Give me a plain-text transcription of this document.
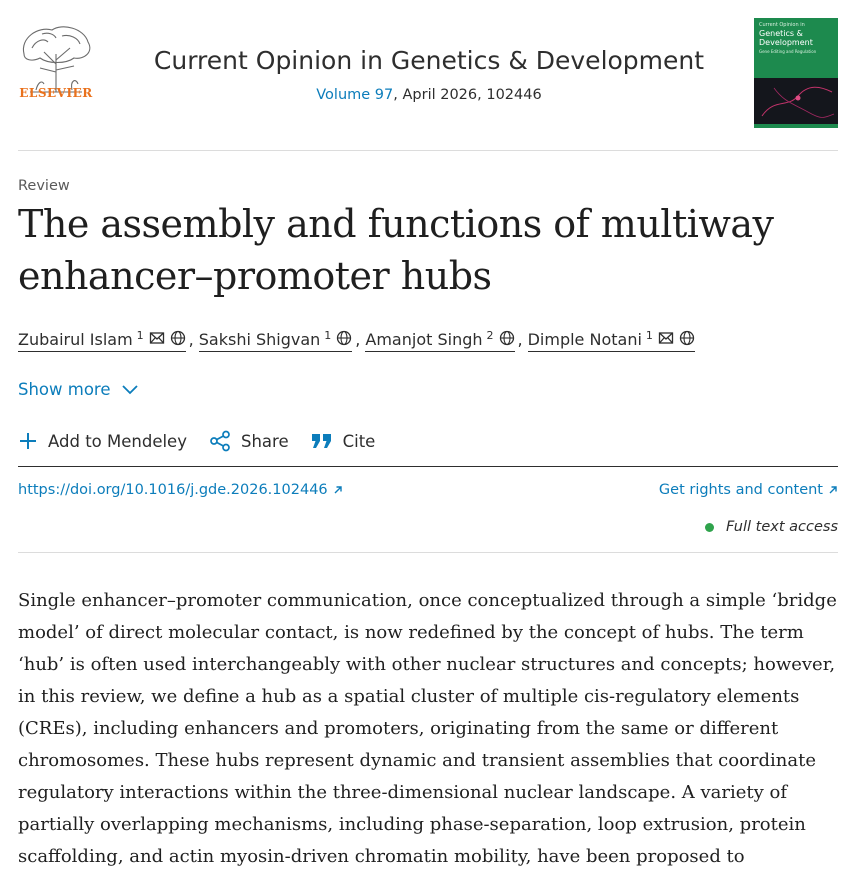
ELSEVIER
Current Opinion in Genetics & Development
Volume 97, April 2026, 102446
Current Opinion in
Genetics & Development
Gene Editing and Regulation
Review
The assembly and functions of multiway enhancer–promoter hubs
Zubairul Islam $^1$	, Sakshi Shigvan $^1$ , Amanjot Singh $^2$ , Dimple Notani $^1$
Show more
Add to Mendeley	Share	Cite
https://doi.org/10.1016/j.gde.2026.102446	Get rights and content
Full text access

Single enhancer–promoter communication, once conceptualized through a simple ‘bridge model’ of direct molecular contact, is now redefined by the concept of hubs. The term ‘hub’ is often used interchangeably with other nuclear structures and concepts; however, in this review, we define a hub as a spatial cluster of multiple cis-regulatory elements (CREs), including enhancers and promoters, originating from the same or different chromosomes. These hubs represent dynamic and transient assemblies that coordinate regulatory interactions within the three-dimensional nuclear landscape. A variety of partially overlapping mechanisms, including phase-separation, loop extrusion, protein scaffolding, and actin myosin-driven chromatin mobility, have been proposed to
